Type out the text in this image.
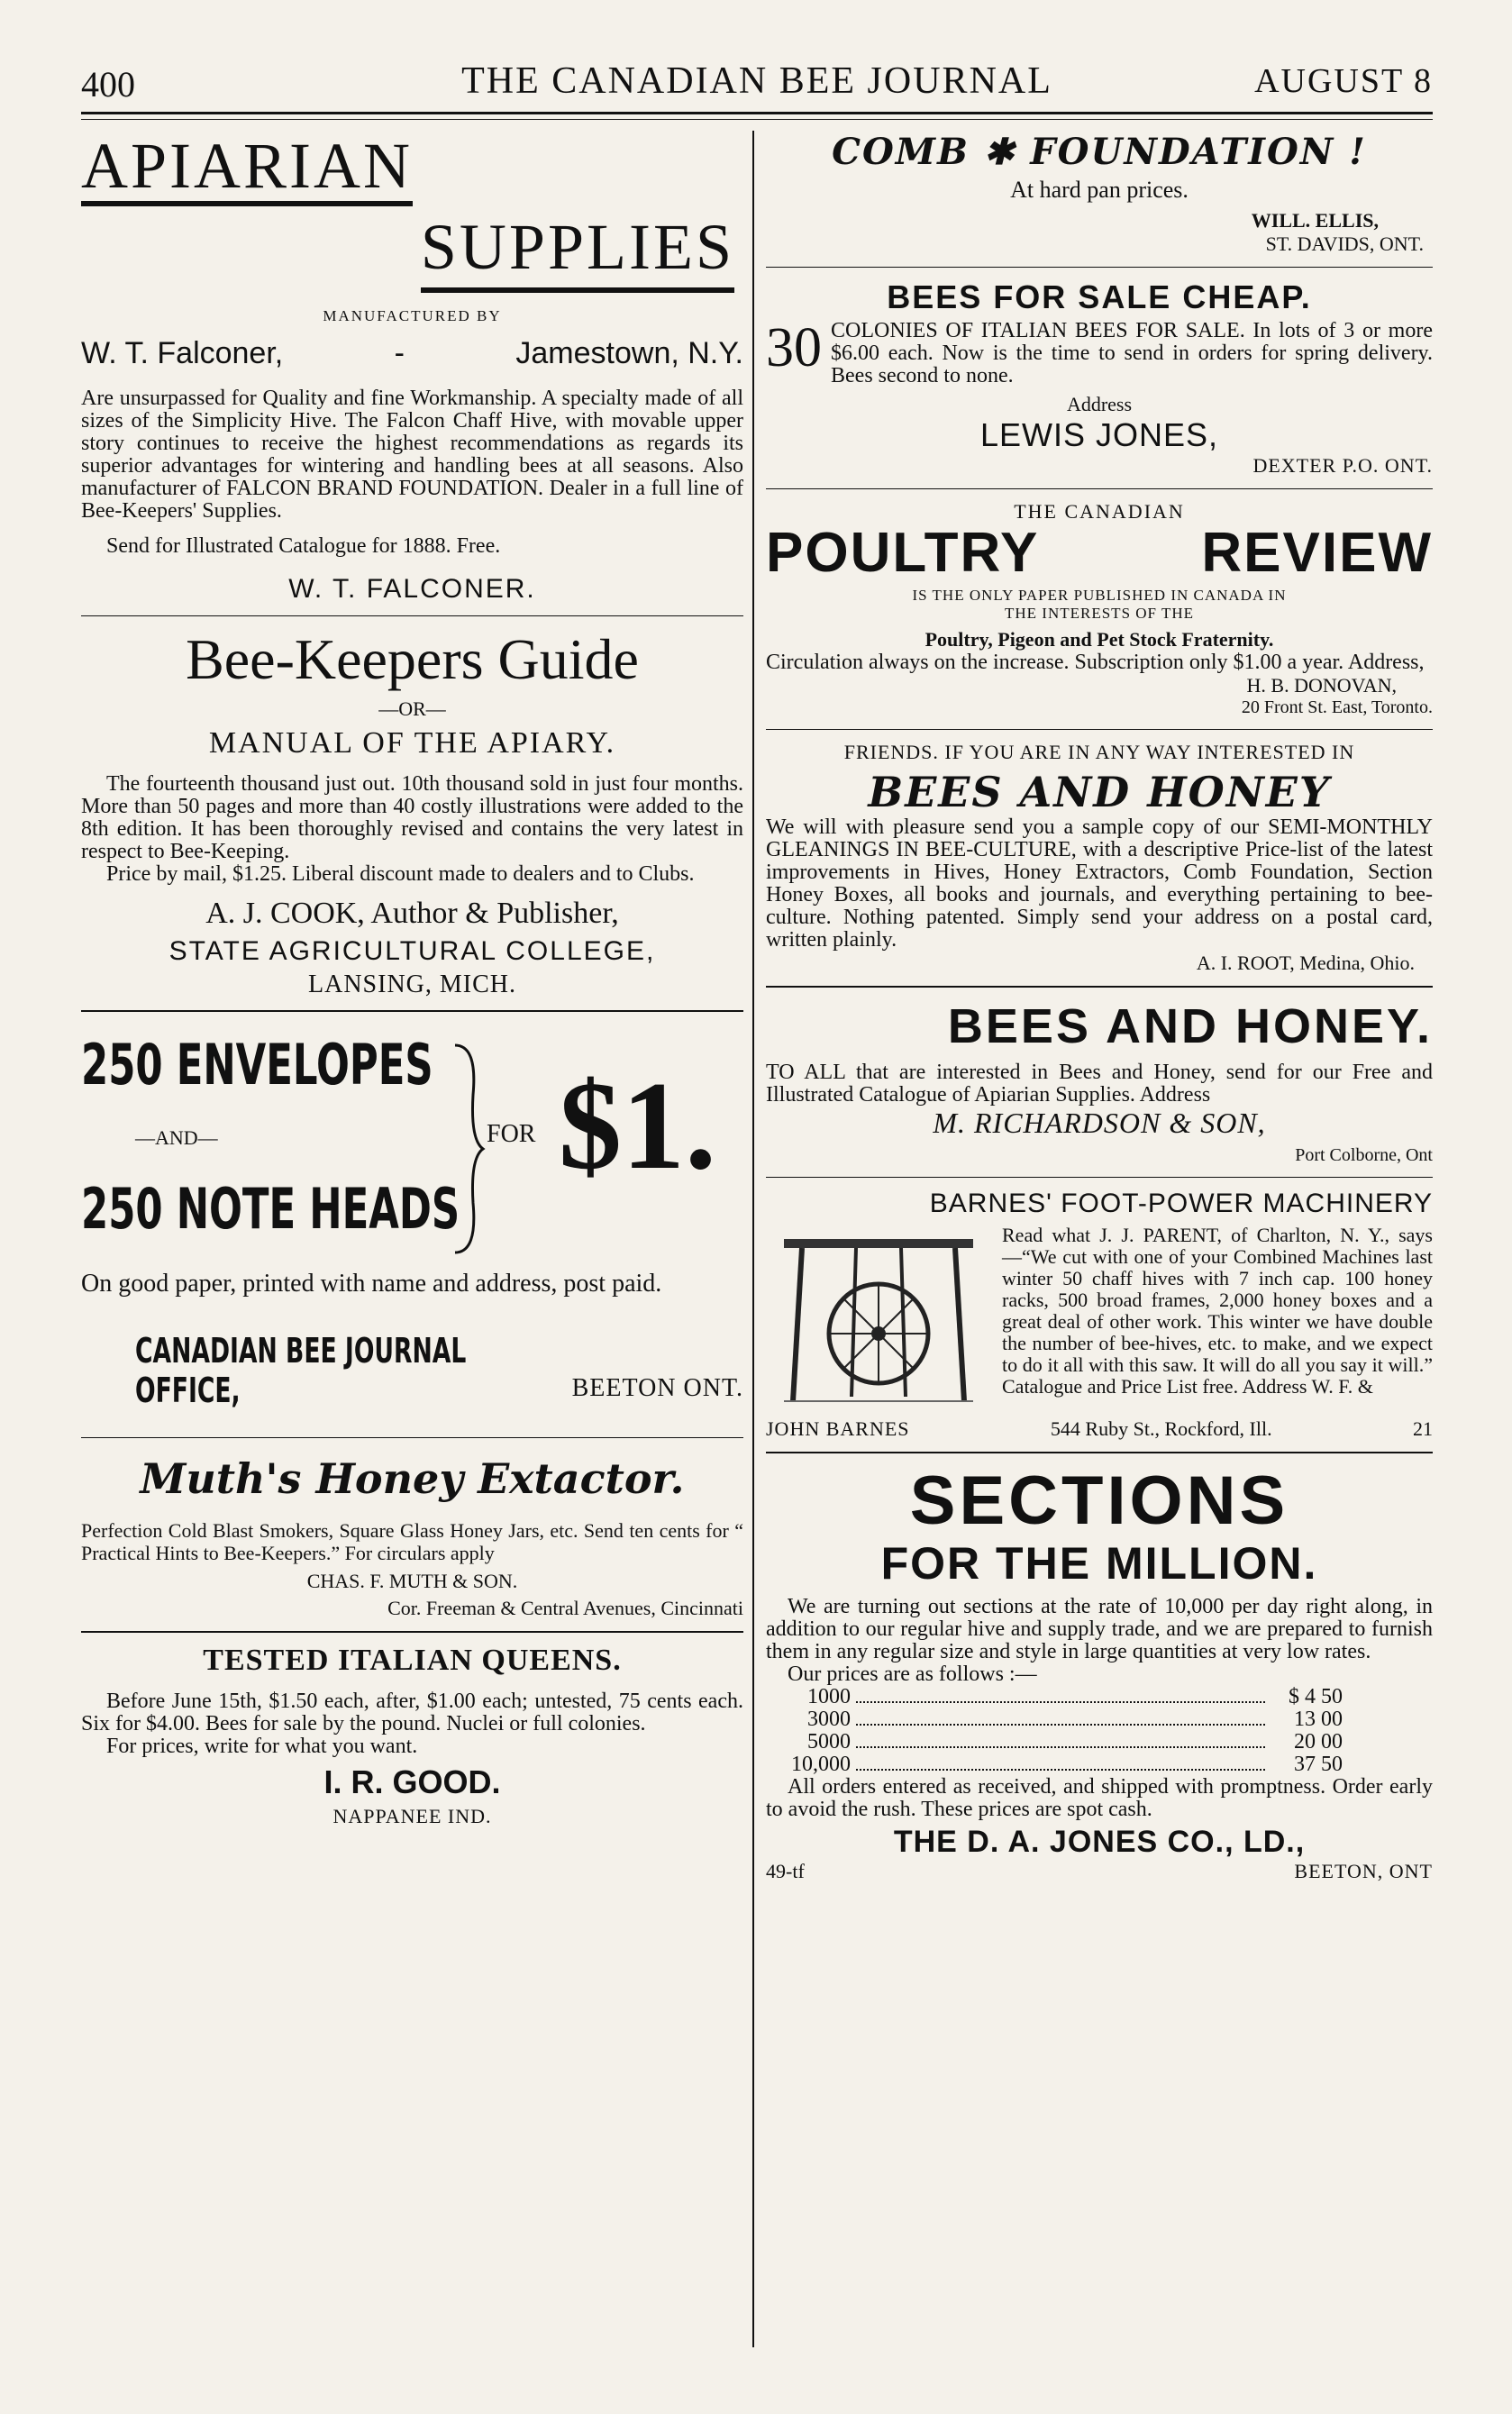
400	THE CANADIAN BEE JOURNAL	AUGUST 8
APIARIAN
SUPPLIES
MANUFACTURED BY
W. T. Falconer,	-	Jamestown, N.Y.
Are unsurpassed for Quality and fine Workmanship. A specialty made of all sizes of the Simplicity Hive. The Falcon Chaff Hive, with movable upper story continues to receive the highest recommendations as regards its superior advantages for wintering and handling bees at all seasons. Also manufacturer of FALCON BRAND FOUNDATION. Dealer in a full line of Bee-Keepers' Supplies.
Send for Illustrated Catalogue for 1888. Free.
W. T. FALCONER.
Bee-Keepers Guide
—OR—
MANUAL OF THE APIARY.
The fourteenth thousand just out. 10th thousand sold in just four months. More than 50 pages and more than 40 costly illustrations were added to the 8th edition. It has been thoroughly revised and contains the very latest in respect to Bee-Keeping.
Price by mail, $1.25. Liberal discount made to dealers and to Clubs.
A. J. COOK, Author & Publisher,
STATE AGRICULTURAL COLLEGE,
LANSING, MICH.
250 ENVELOPES
—AND—
250 NOTE HEADS
FOR $1.
On good paper, printed with name and address, post paid.
CANADIAN BEE JOURNAL OFFICE,	BEETON ONT.
Muth's Honey Extactor.
Perfection Cold Blast Smokers, Square Glass Honey Jars, etc. Send ten cents for “ Practical Hints to Bee-Keepers.” For circulars apply
CHAS. F. MUTH & SON.
Cor. Freeman & Central Avenues, Cincinnati
TESTED ITALIAN QUEENS.
Before June 15th, $1.50 each, after, $1.00 each; untested, 75 cents each. Six for $4.00. Bees for sale by the pound. Nuclei or full colonies.
For prices, write for what you want.
I. R. GOOD.
NAPPANEE IND.
COMB ✱ FOUNDATION !
At hard pan prices.
WILL. ELLIS,
ST. DAVIDS, ONT.
BEES FOR SALE CHEAP.
30 COLONIES OF ITALIAN BEES FOR SALE. In lots of 3 or more $6.00 each. Now is the time to send in orders for spring delivery. Bees second to none.
Address
LEWIS JONES,
DEXTER P.O. ONT.
THE CANADIAN
POULTRY	REVIEW
IS THE ONLY PAPER PUBLISHED IN CANADA IN
THE INTERESTS OF THE
Poultry, Pigeon and Pet Stock Fraternity.
Circulation always on the increase. Subscription only $1.00 a year. Address,
H. B. DONOVAN,
20 Front St. East, Toronto.
FRIENDS. IF YOU ARE IN ANY WAY INTERESTED IN
BEES AND HONEY
We will with pleasure send you a sample copy of our SEMI-MONTHLY GLEANINGS IN BEE-CULTURE, with a descriptive Price-list of the latest improvements in Hives, Honey Extractors, Comb Foundation, Section Honey Boxes, all books and journals, and everything pertaining to bee-culture. Nothing patented. Simply send your address on a postal card, written plainly.
A. I. ROOT, Medina, Ohio.
BEES AND HONEY.
TO ALL that are interested in Bees and Honey, send for our Free and Illustrated Catalogue of Apiarian Supplies. Address
M. RICHARDSON & SON,
Port Colborne, Ont
BARNES' FOOT-POWER MACHINERY
Read what J. J. PARENT, of Charlton, N. Y., says—“We cut with one of your Combined Machines last winter 50 chaff hives with 7 inch cap. 100 honey racks, 500 broad frames, 2,000 honey boxes and a great deal of other work. This winter we have double the number of bee-hives, etc. to make, and we expect to do it all with this saw. It will do all you say it will.” Catalogue and Price List free. Address W. F. &
JOHN BARNES	544 Ruby St., Rockford, Ill.	21
SECTIONS
FOR THE MILLION.
We are turning out sections at the rate of 10,000 per day right along, in addition to our regular hive and supply trade, and we are prepared to furnish them in any regular size and style in large quantities at very low rates.
Our prices are as follows :—
1000	$ 4 50
3000	13 00
5000	20 00
10,000	37 50
All orders entered as received, and shipped with promptness. Order early to avoid the rush. These prices are spot cash.
THE D. A. JONES CO., LD.,
49-tf	BEETON, ONT
